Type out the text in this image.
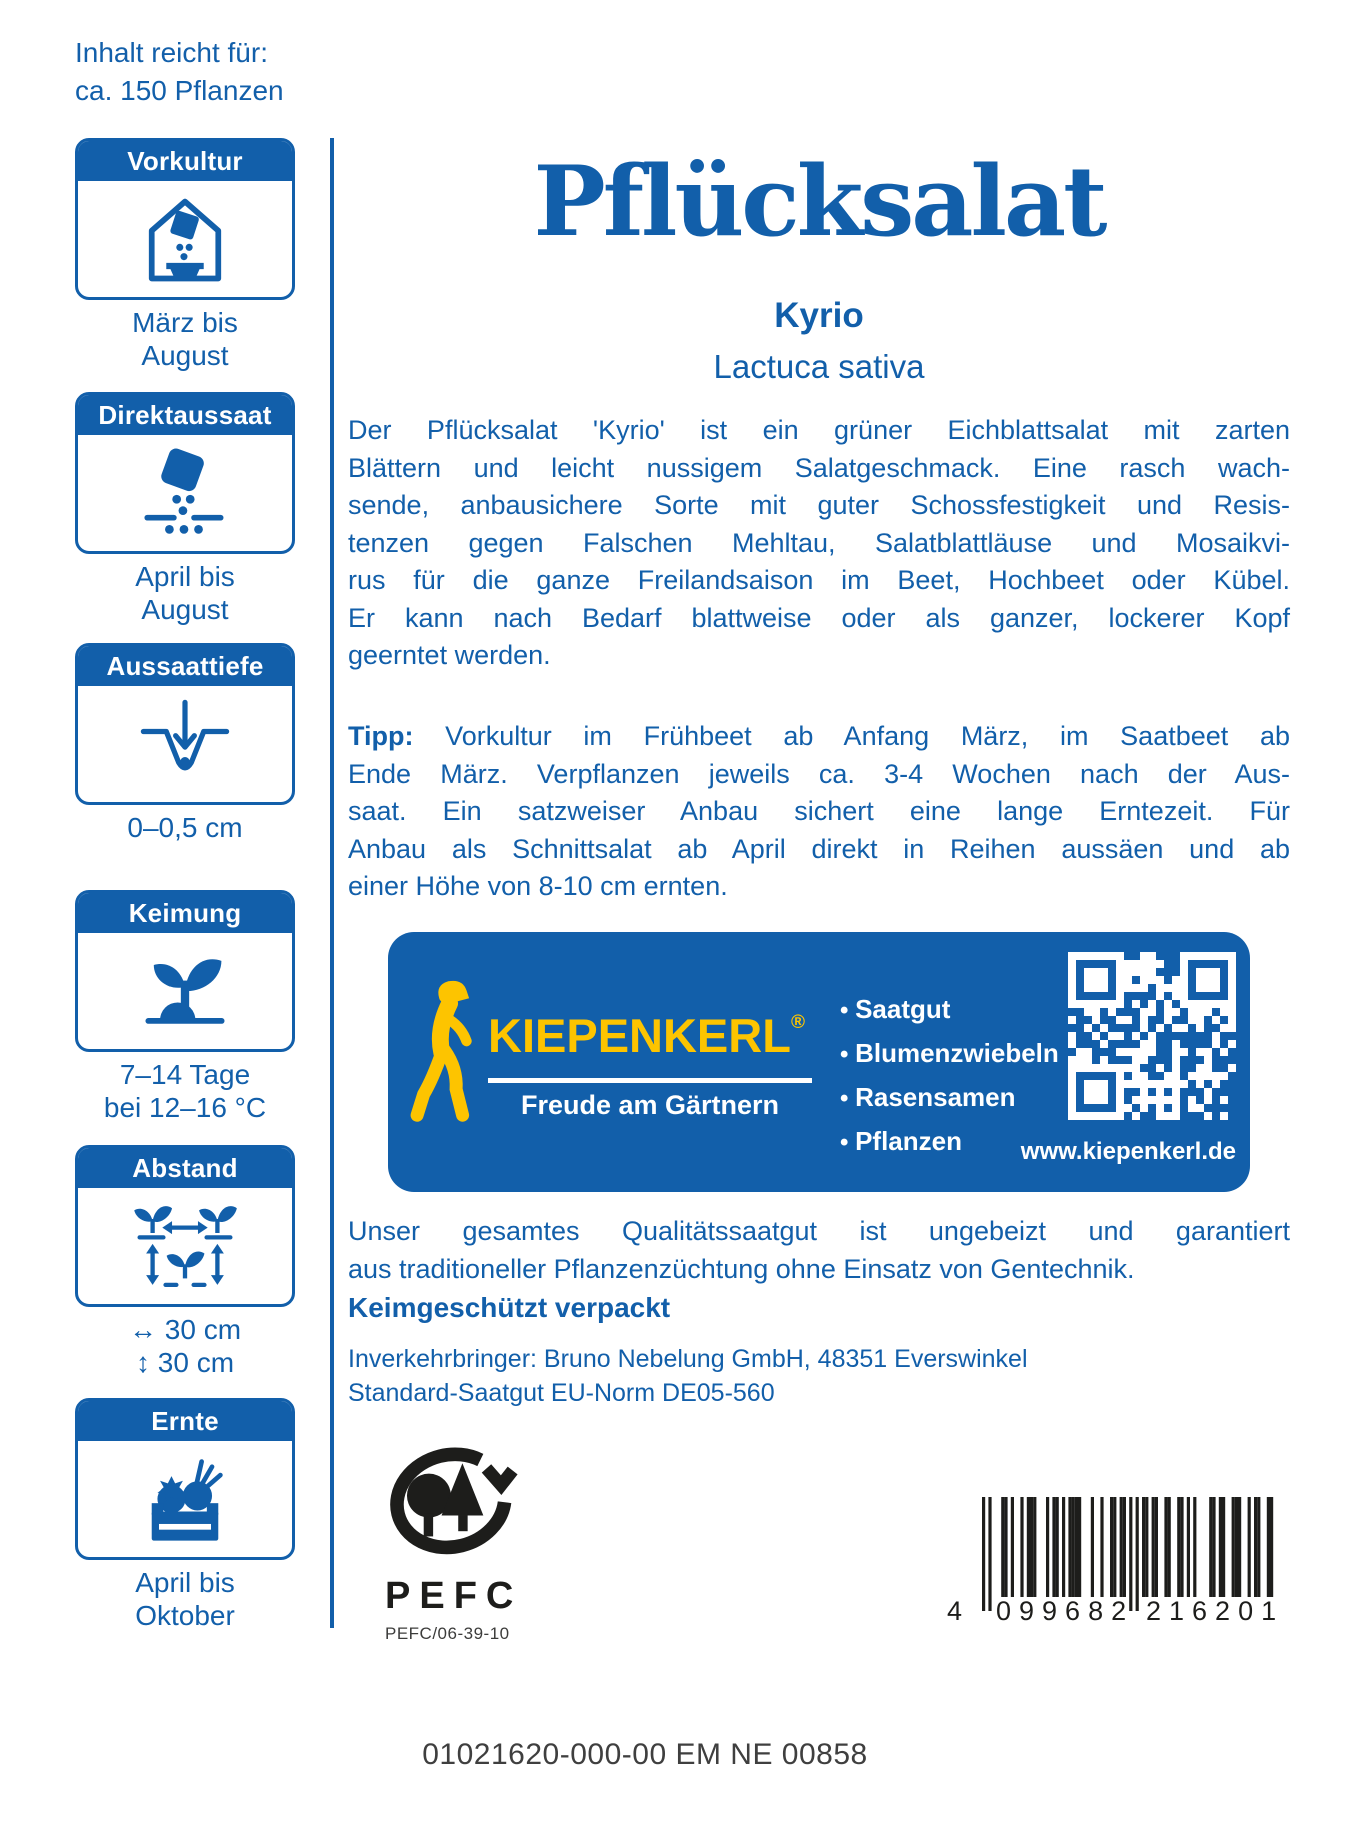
Inhalt reicht für:
ca. 150 Pflanzen
Vorkultur
März bis
August
Direktaussaat
April bis
August
Aussaattiefe
0–0,5 cm
Keimung
7–14 Tage
bei 12–16 °C
Abstand
↔ 30 cm
↕ 30 cm
Ernte
April bis
Oktober
Pflücksalat
Kyrio
Lactuca sativa
Der Pflücksalat 'Kyrio' ist ein grüner Eichblattsalat mit zarten
Blättern und leicht nussigem Salatgeschmack. Eine rasch wach-
sende, anbausichere Sorte mit guter Schossfestigkeit und Resis-
tenzen gegen Falschen Mehltau, Salatblattläuse und Mosaikvi-
rus für die ganze Freilandsaison im Beet, Hochbeet oder Kübel.
Er kann nach Bedarf blattweise oder als ganzer, lockerer Kopf
geerntet werden.
Tipp: Vorkultur im Frühbeet ab Anfang März, im Saatbeet ab
Ende März. Verpflanzen jeweils ca. 3-4 Wochen nach der Aus-
saat. Ein satzweiser Anbau sichert eine lange Erntezeit. Für
Anbau als Schnittsalat ab April direkt in Reihen aussäen und ab
einer Höhe von 8-10 cm ernten.
KIEPENKERL®
Freude am Gärtnern
• Saatgut
• Blumenzwiebeln
• Rasensamen
• Pflanzen	www.kiepenkerl.de
Unser gesamtes Qualitätssaatgut ist ungebeizt und garantiert
aus traditioneller Pflanzenzüchtung ohne Einsatz von Gentechnik.
Keimgeschützt verpackt
Inverkehrbringer: Bruno Nebelung GmbH, 48351 Everswinkel
Standard-Saatgut EU-Norm DE05-560
PEFC
PEFC/06-39-10
4 099682 216201
01021620-000-00 EM NE 00858
